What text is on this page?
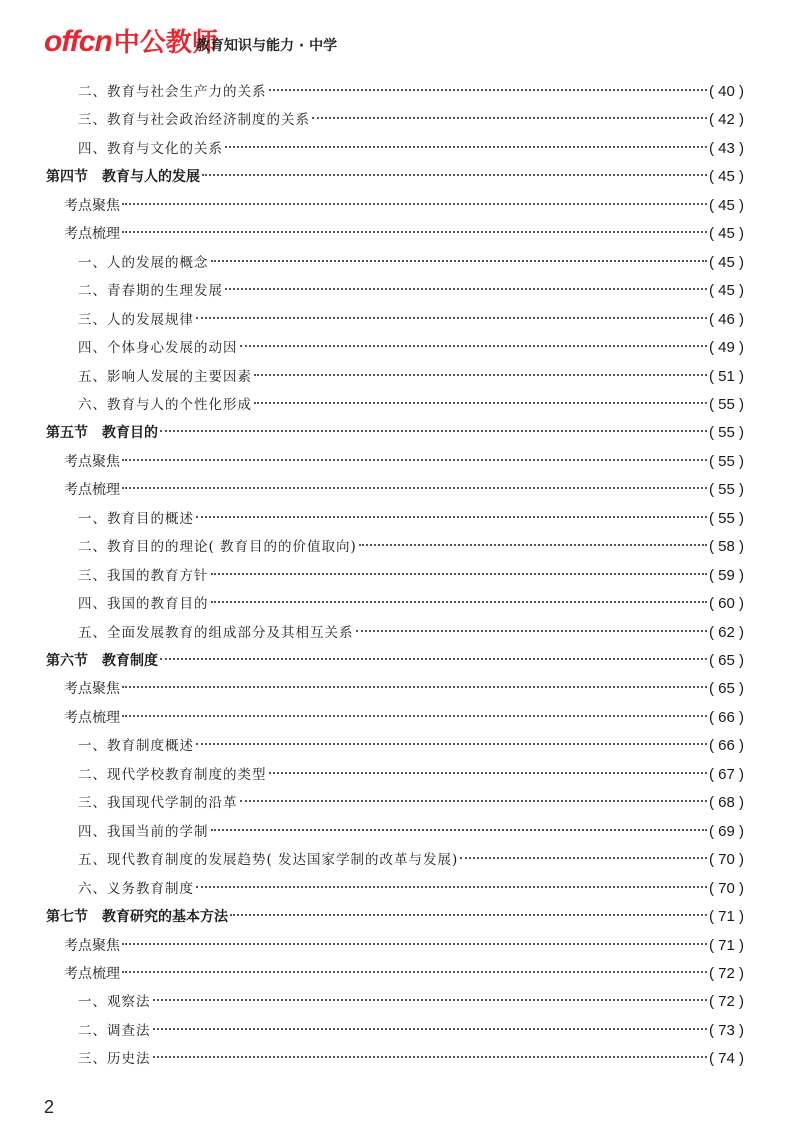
offcn中公教师
教育知识与能力 · 中学
二、教育与社会生产力的关系	( 40 )
三、教育与社会政治经济制度的关系	( 42 )
四、教育与文化的关系	( 43 )
第四节　教育与人的发展	( 45 )
考点聚焦	( 45 )
考点梳理	( 45 )
一、人的发展的概念	( 45 )
二、青春期的生理发展	( 45 )
三、人的发展规律	( 46 )
四、个体身心发展的动因	( 49 )
五、影响人发展的主要因素	( 51 )
六、教育与人的个性化形成	( 55 )
第五节　教育目的	( 55 )
考点聚焦	( 55 )
考点梳理	( 55 )
一、教育目的概述	( 55 )
二、教育目的的理论( 教育目的的价值取向)	( 58 )
三、我国的教育方针	( 59 )
四、我国的教育目的	( 60 )
五、全面发展教育的组成部分及其相互关系	( 62 )
第六节　教育制度	( 65 )
考点聚焦	( 65 )
考点梳理	( 66 )
一、教育制度概述	( 66 )
二、现代学校教育制度的类型	( 67 )
三、我国现代学制的沿革	( 68 )
四、我国当前的学制	( 69 )
五、现代教育制度的发展趋势( 发达国家学制的改革与发展)	( 70 )
六、义务教育制度	( 70 )
第七节　教育研究的基本方法	( 71 )
考点聚焦	( 71 )
考点梳理	( 72 )
一、观察法	( 72 )
二、调查法	( 73 )
三、历史法	( 74 )
2
